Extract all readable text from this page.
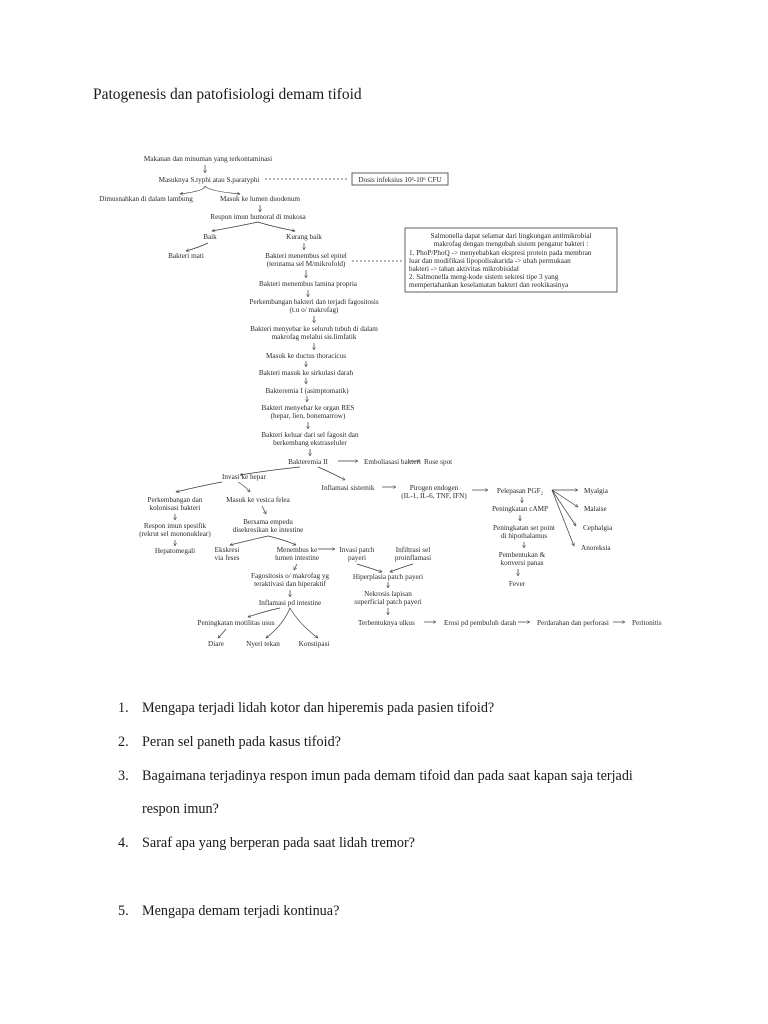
Patogenesis dan patofisiologi demam tifoid
Makanan dan minuman yang terkontaminasi
Masuknya S.typhi atau S.paratyphi	Dosis infeksius 10³-10⁶ CFU
Dimusnahkan di dalam lambung	Masuk ke lumen duodenum
Respon imun humoral di mukosa
Baik	Kurang baik
Bakteri mati	Bakteri menembus sel epitel
(terutama sel M/mikrofold)
Salmonella dapat selamat dari lingkungan antimikrobial
makrofag dengan mengubah sistem pengatur bakteri :
1. PhoP/PhoQ -> menyebabkan ekspresi protein pada membran
luar dan modifikasi lipopolisakarida -> ubah permukaan
bakteri -> tahan aktivitas mikrobisidal
2. Salmonella meng-kode sistem sekresi tipe 3 yang
mempertahankan keselamatan bakteri dan reokikasinya
Bakteri menembus lamina propria
Perkembangan bakteri dan terjadi fagositosis
(t.u o/ makrofag)
Bakteri menyebar ke seluruh tubuh di dalam
makrofag melalui sis.limfatik
Masuk ke ductus thoracicus
Bakteri masuk ke sirkulasi darah
Bakteremia I (asimptomatik)
Bakteri menyebar ke organ RES
(hepar, lien, bonemarrow)
Bakteri keluar dari sel fagosit dan
berkembang ekstraseluler
Bakteremia II	Emboliasasi bakteri Rose spot
Invasi ke hepar
Perkembangan dan
kolonisasi bakteri
Masuk ke vesica felea
Respon imun spesifik
(rekrut sel mononuklear)
Bersama empedu
disekresikan ke intestine
Hepatomegali	Ekskresi
via feses
Menembus ke
lumen intestine
Invasi patch
payeri
Infiltrasi sel
proinflamasi
Fagositosis o/ makrofag yg
teraktivasi dan hiperaktif
Hiperplasia patch payeri
Nekrosis lapisan
superficial patch payeri
Inflamasi pd intestine
Peningkatan motilitas usus	Terbentuknya ulkus	Erosi pd pembuluh darah	Perdarahan dan perforasi	Peritonitis
Diare	Nyeri tekan	Konstipasi
Inflamasi sistemik	Pirogen endogen
(IL-1, IL-6, TNF, IFN)
Pelepasan PGF₂
Peningkatan cAMP
Peningkatan set point
di hipothalamus
Pembentukan &
konversi panas
Fever
Myalgia
Malaise
Cephalgia
Anoreksia
1. Mengapa terjadi lidah kotor dan hiperemis pada pasien tifoid?
2. Peran sel paneth pada kasus tifoid?
3. Bagaimana terjadinya respon imun pada demam tifoid dan pada saat kapan saja terjadi
respon imun?
4. Saraf apa yang berperan pada saat lidah tremor?
5. Mengapa demam terjadi kontinua?
